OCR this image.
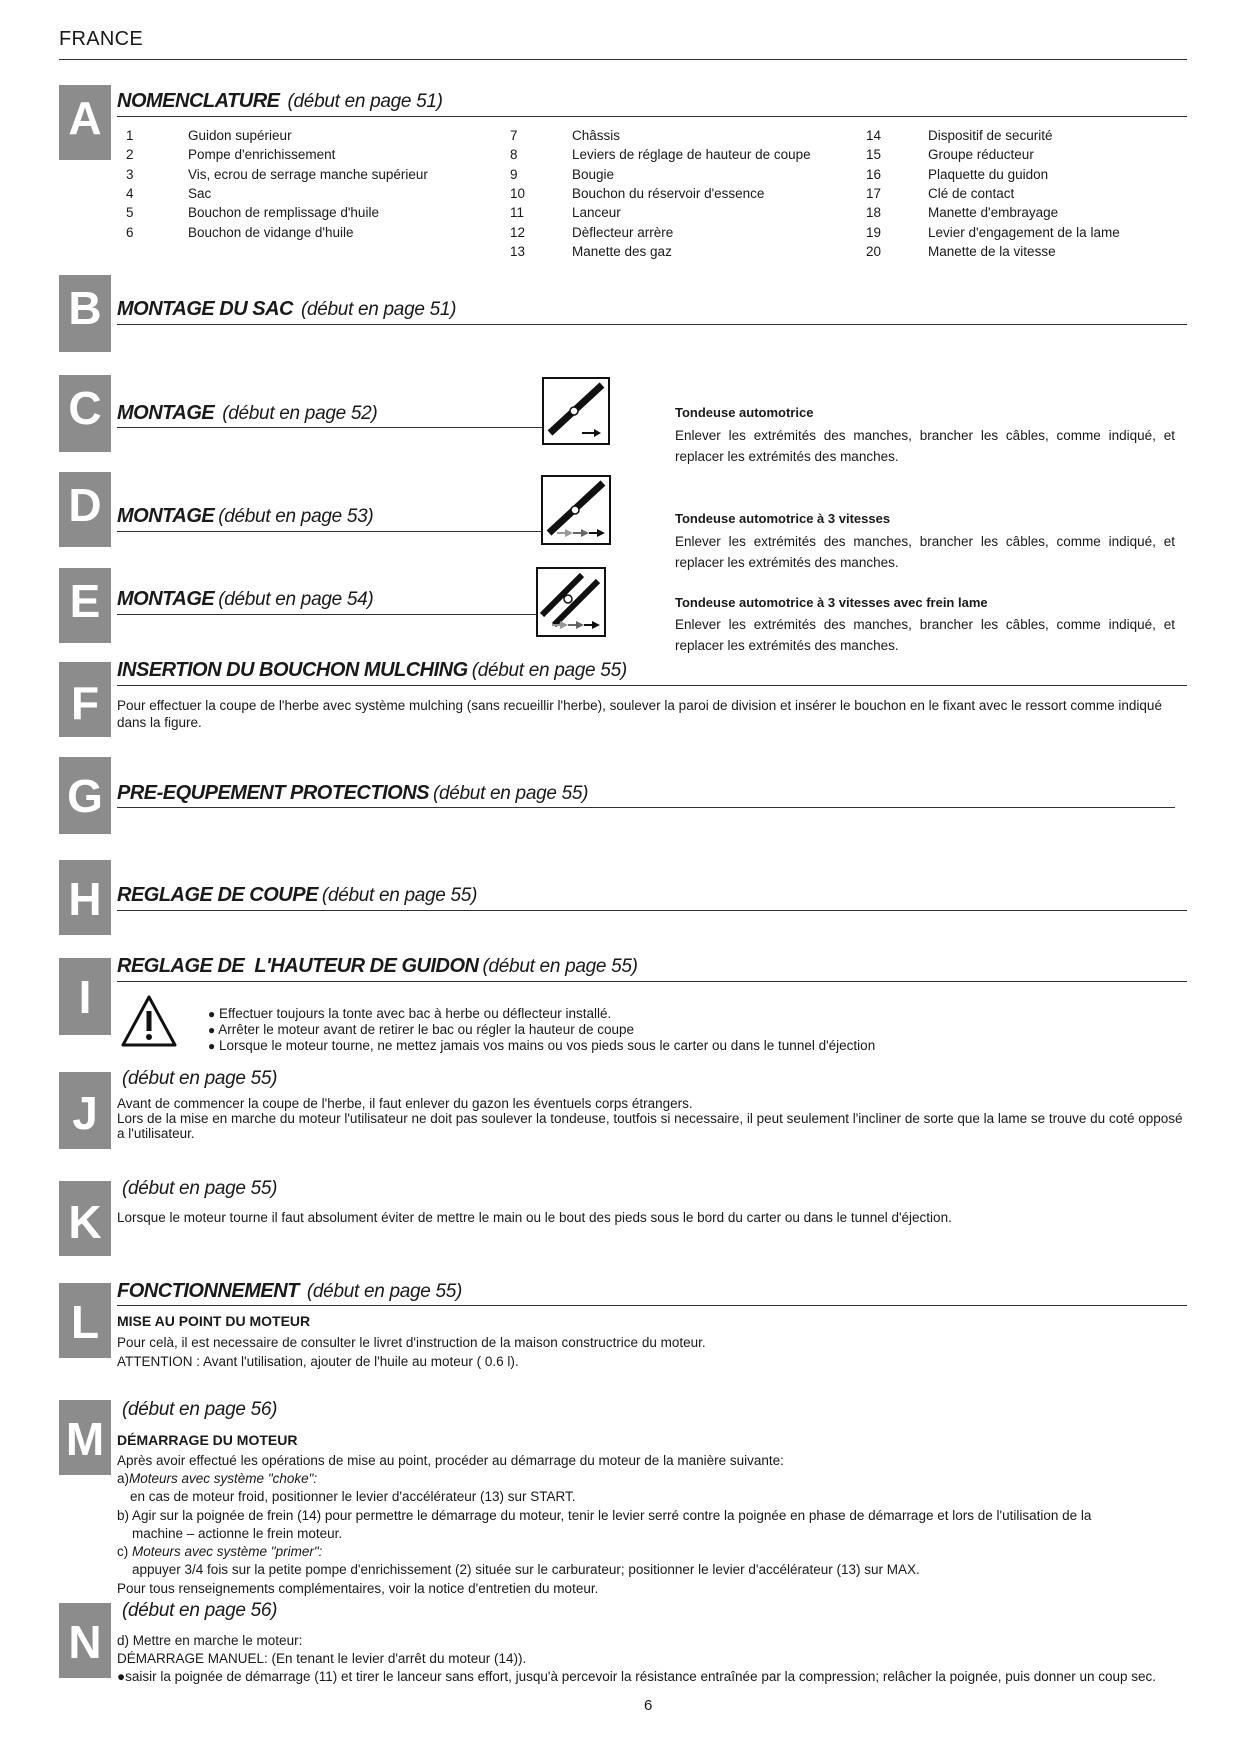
FRANCE
A NOMENCLATURE (début en page 51)
1	Guidon supérieur
2	Pompe d'enrichissement
3	Vis, ecrou de serrage manche supérieur
4	Sac
5	Bouchon de remplissage d'huile
6	Bouchon de vidange d'huile
7	Châssis
8	Leviers de réglage de hauteur de coupe
9	Bougie
10	Bouchon du réservoir d'essence
11	Lanceur
12	Dèflecteur arrère
13	Manette des gaz
14	Dispositif de securité
15	Groupe réducteur
16	Plaquette du guidon
17	Clé de contact
18	Manette d'embrayage
19	Levier d'engagement de la lame
20	Manette de la vitesse
B MONTAGE DU SAC (début en page 51)
C MONTAGE (début en page 52)	Tondeuse automotrice
Enlever les extrémités des manches, brancher les câbles, comme indiqué, et replacer les extrémités des manches.
D MONTAGE (début en page 53)	Tondeuse automotrice à 3 vitesses
Enlever les extrémités des manches, brancher les câbles, comme indiqué, et replacer les extrémités des manches.
E MONTAGE (début en page 54)	Tondeuse automotrice à 3 vitesses avec frein lame
Enlever les extrémités des manches, brancher les câbles, comme indiqué, et replacer les extrémités des manches.
F
INSERTION DU BOUCHON MULCHING (début en page 55)
Pour effectuer la coupe de l'herbe avec système mulching (sans recueillir l'herbe), soulever la paroi de division et insérer le bouchon en le fixant avec le ressort comme indiqué dans la figure.
G PRE-EQUPEMENT PROTECTIONS (début en page 55)
H REGLAGE DE COUPE (début en page 55)
I
REGLAGE DE  L'HAUTEUR DE GUIDON (début en page 55)
● Effectuer toujours la tonte avec bac à herbe ou déflecteur installé.
● Arrêter le moteur avant de retirer le bac ou régler la hauteur de coupe
● Lorsque le moteur tourne, ne mettez jamais vos mains ou vos pieds sous le carter ou dans le tunnel d'éjection
J
(début en page 55)
Avant de commencer la coupe de l'herbe, il faut enlever du gazon les éventuels corps étrangers.
Lors de la mise en marche du moteur l'utilisateur ne doit pas soulever la tondeuse, toutfois si necessaire, il peut seulement l'incliner de sorte que la lame se trouve du coté opposé a l'utilisateur.
K
(début en page 55)
Lorsque le moteur tourne il faut absolument éviter de mettre le main ou le bout des pieds sous le bord du carter ou dans le tunnel d'éjection.
L
FONCTIONNEMENT (début en page 55)
MISE AU POINT DU MOTEUR
Pour celà, il est necessaire de consulter le livret d'instruction de la maison constructrice du moteur.
ATTENTION : Avant l'utilisation, ajouter de l'huile au moteur ( 0.6 l).
M
(début en page 56)
DÉMARRAGE DU MOTEUR
Après avoir effectué les opérations de mise au point, procéder au démarrage du moteur de la manière suivante:
a)Moteurs avec système "choke":
en cas de moteur froid, positionner le levier d'accélérateur (13) sur START.
b) Agir sur la poignée de frein (14) pour permettre le démarrage du moteur, tenir le levier serré contre la poignée en phase de démarrage et lors de l'utilisation de la
machine – actionne le frein moteur.
c) Moteurs avec système "primer":
appuyer 3/4 fois sur la petite pompe d'enrichissement (2) située sur le carburateur; positionner le levier d'accélérateur (13) sur MAX.
Pour tous renseignements complémentaires, voir la notice d'entretien du moteur.
N
(début en page 56)
d) Mettre en marche le moteur:
DÉMARRAGE MANUEL: (En tenant le levier d'arrêt du moteur (14)).
●saisir la poignée de démarrage (11) et tirer le lanceur sans effort, jusqu'à percevoir la résistance entraînée par la compression; relâcher la poignée, puis donner un coup sec.
6
